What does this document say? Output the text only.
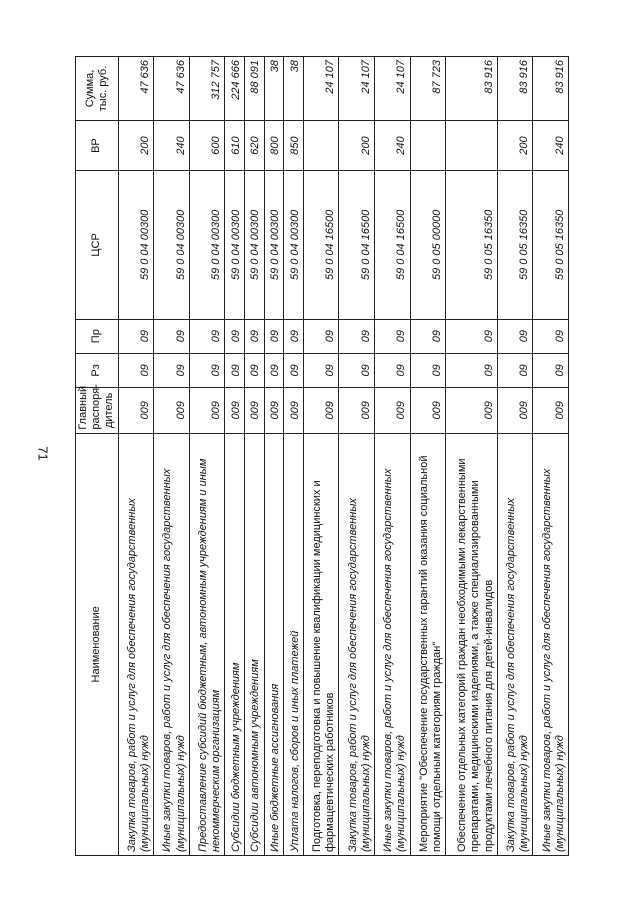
71
Наименование	Главный распоря-дитель	Рз	Пр	ЦСР	ВР	Сумма, тыс. руб.
Закупка товаров, работ и услуг для обеспечения государственных (муниципальных) нужд	009	09	09	59 0 04 00300	200	47 636
Иные закупки товаров, работ и услуг для обеспечения государственных (муниципальных) нужд	009	09	09	59 0 04 00300	240	47 636
Предоставление субсидий бюджетным, автономным учреждениям и иным некоммерческим организациям	009	09	09	59 0 04 00300	600	312 757
Субсидии бюджетным учреждениям	009	09	09	59 0 04 00300	610	224 666
Субсидии автономным учреждениям	009	09	09	59 0 04 00300	620	88 091
Иные бюджетные ассигнования	009	09	09	59 0 04 00300	800	38
Уплата налогов, сборов и иных платежей	009	09	09	59 0 04 00300	850	38
Подготовка, переподготовка и повышение квалификации медицинских и фармацевтических работников	009	09	09	59 0 04 16500		24 107
Закупка товаров, работ и услуг для обеспечения государственных (муниципальных) нужд	009	09	09	59 0 04 16500	200	24 107
Иные закупки товаров, работ и услуг для обеспечения государственных (муниципальных) нужд	009	09	09	59 0 04 16500	240	24 107
Мероприятие "Обеспечение государственных гарантий оказания социальной помощи отдельным категориям граждан"	009	09	09	59 0 05 00000		87 723
Обеспечение отдельных категорий граждан необходимыми лекарственными препаратами, медицинскими изделиями, а также специализированными продуктами лечебного питания для детей-инвалидов	009	09	09	59 0 05 16350		83 916
Закупка товаров, работ и услуг для обеспечения государственных (муниципальных) нужд	009	09	09	59 0 05 16350	200	83 916
Иные закупки товаров, работ и услуг для обеспечения государственных (муниципальных) нужд	009	09	09	59 0 05 16350	240	83 916
